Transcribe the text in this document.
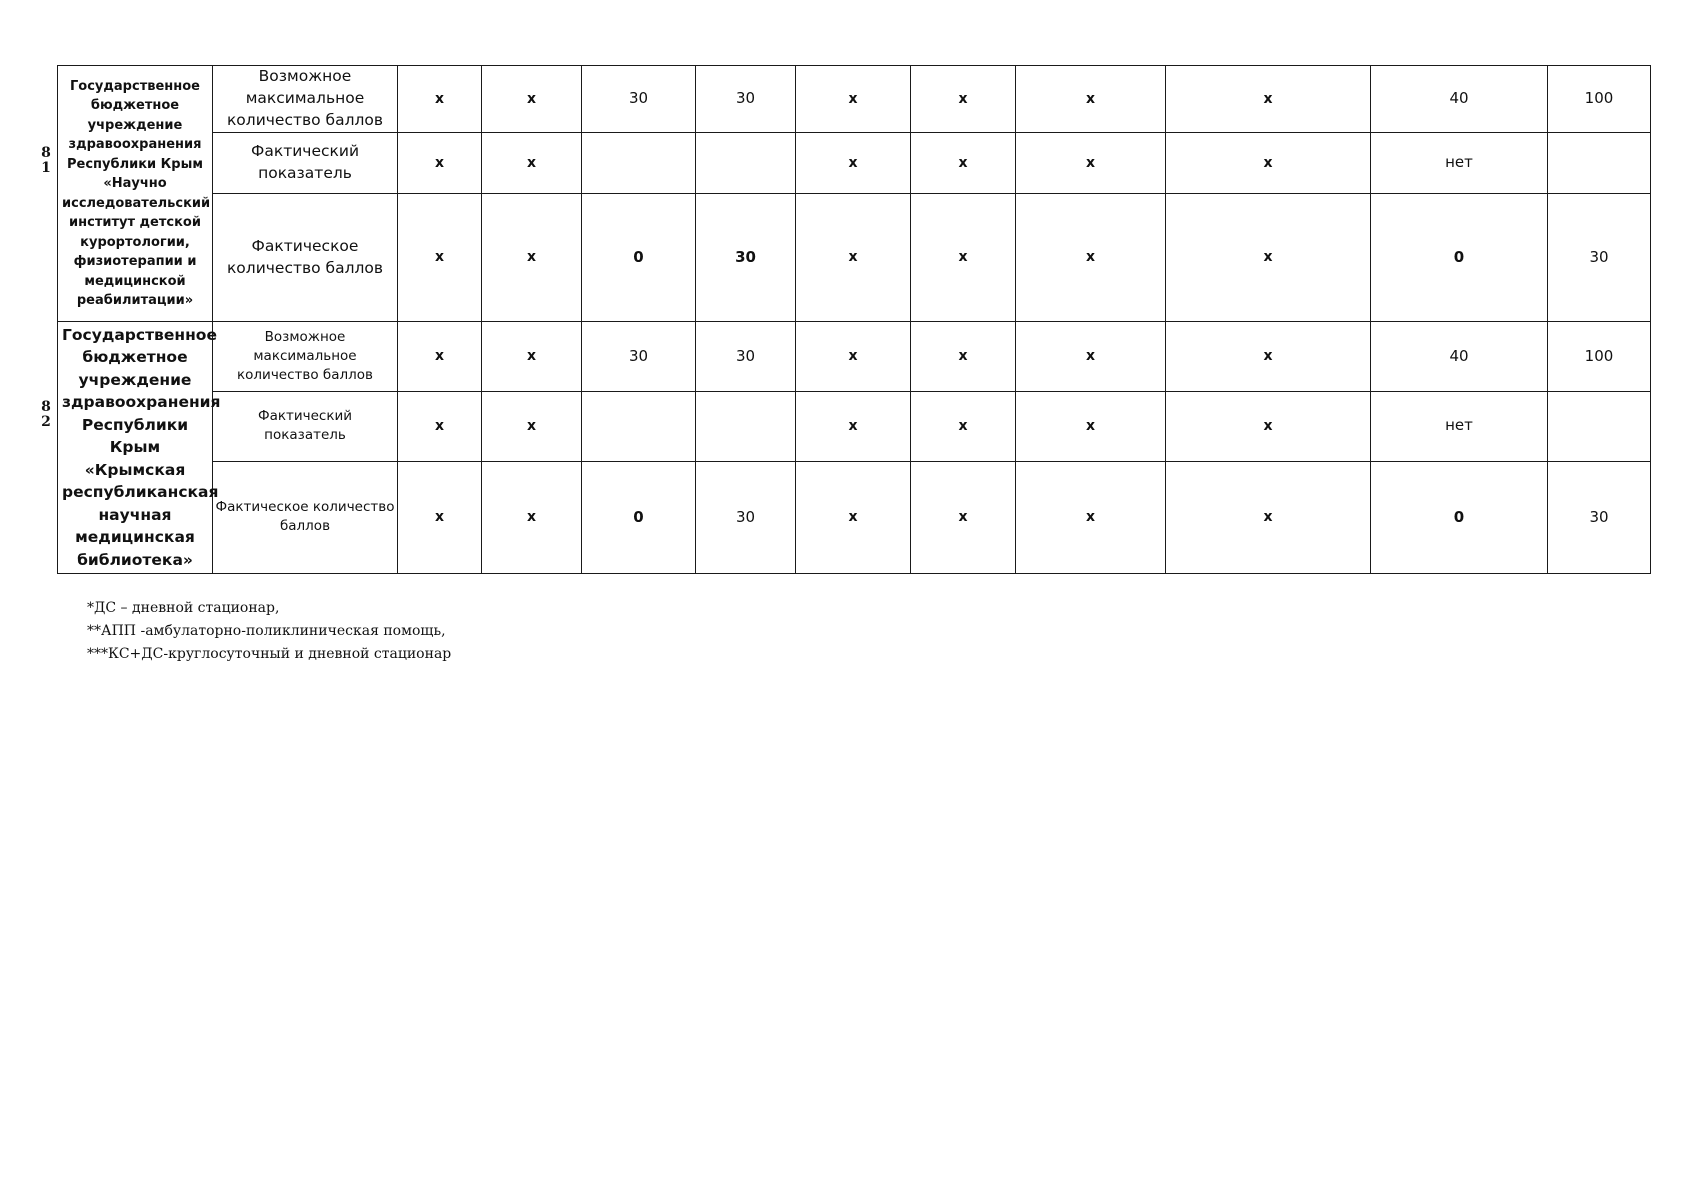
8
1
Государственное бюджетное учреждение здравоохранения Республики Крым «Научно исследовательский институт детской курортологии, физиотерапии и медицинской реабилитации»	Возможное максимальное количество баллов	х	х	30	30	х	х	х	х	40	100
	Фактический показатель	х	х			х	х	х	х	нет	
	Фактическое количество баллов	х	х	0	30	х	х	х	х	0	30

8
2
Государственное бюджетное учреждение здравоохранения Республики Крым «Крымская республиканская научная медицинская библиотека»	Возможное максимальное количество баллов	х	х	30	30	х	х	х	х	40	100
	Фактический показатель	х	х			х	х	х	х	нет	
	Фактическое количество баллов	х	х	0	30	х	х	х	х	0	30
*ДС – дневной стационар,
**АПП -амбулаторно-поликлиническая помощь,
***КС+ДС-круглосуточный и дневной стационар
